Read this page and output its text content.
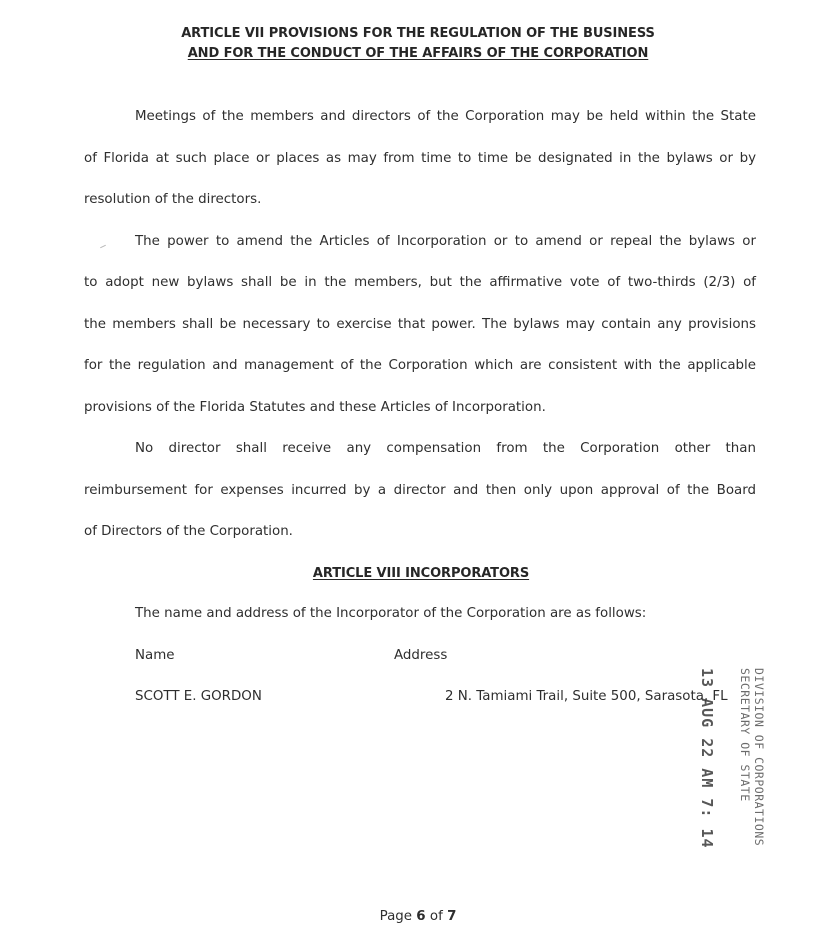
ARTICLE VII PROVISIONS FOR THE REGULATION OF THE BUSINESS
AND FOR THE CONDUCT OF THE AFFAIRS OF THE CORPORATION
Meetings of the members and directors of the Corporation may be held within the State
of Florida at such place or places as may from time to time be designated in the bylaws or by
resolution of the directors.
The power to amend the Articles of Incorporation or to amend or repeal the bylaws or
to adopt new bylaws shall be in the members, but the affirmative vote of two-thirds (2/3) of
the members shall be necessary to exercise that power. The bylaws may contain any provisions
for the regulation and management of the Corporation which are consistent with the applicable
provisions of the Florida Statutes and these Articles of Incorporation.
No director shall receive any compensation from the Corporation other than
reimbursement for expenses incurred by a director and then only upon approval of the Board
of Directors of the Corporation.
ARTICLE VIII INCORPORATORS
The name and address of the Incorporator of the Corporation are as follows:
Name	Address
SCOTT E. GORDON	2 N. Tamiami Trail, Suite 500, Sarasota, FL
13 AUG 22 AM 7: 14 SECRETARY OF STATE DIVISION OF CORPORATIONS
Page 6 of 7
